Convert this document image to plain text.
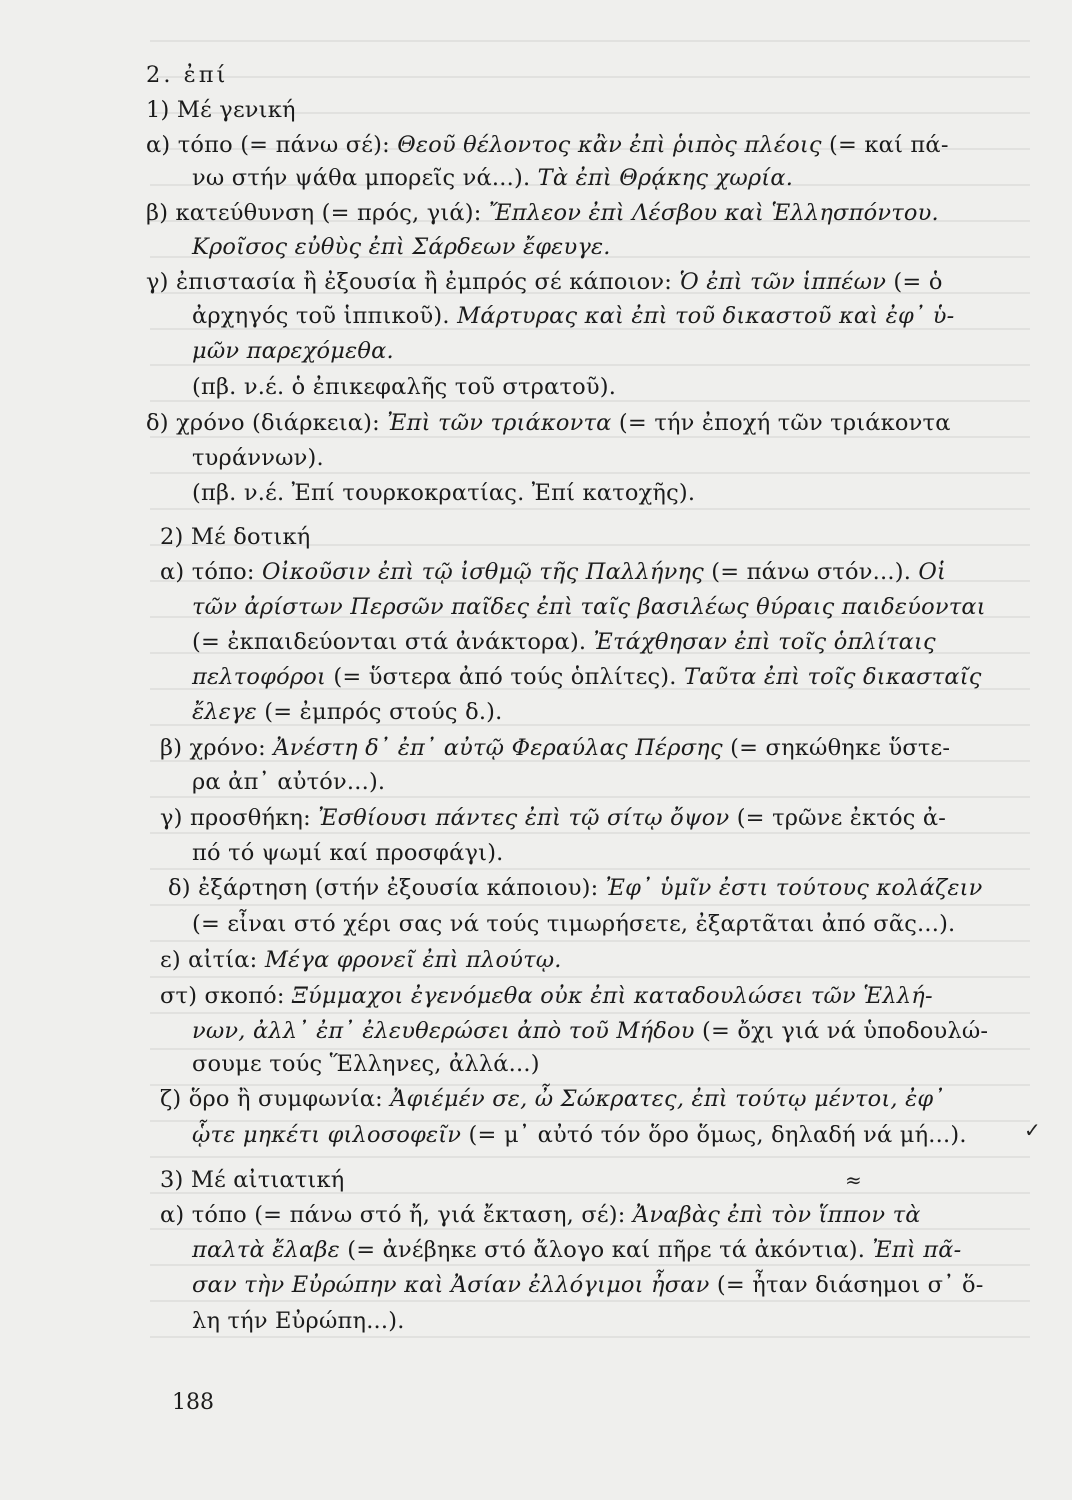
2. ἐπί
1) Μέ γενική
α) τόπο (= πάνω σέ): Θεοῦ θέλοντος κἂν ἐπὶ ῥιπὸς πλέοις (= καί πά-
νω στήν ψάθα μπορεῖς νά...). Τὰ ἐπὶ Θρᾴκης χωρία.
β) κατεύθυνση (= πρός, γιά): Ἔπλεον ἐπὶ Λέσβου καὶ Ἑλλησπόντου.
Κροῖσος εὐθὺς ἐπὶ Σάρδεων ἔφευγε.
γ) ἐπιστασία ἢ ἐξουσία ἢ ἐμπρός σέ κάποιον: Ὁ ἐπὶ τῶν ἱππέων (= ὁ
ἀρχηγός τοῦ ἱππικοῦ). Μάρτυρας καὶ ἐπὶ τοῦ δικαστοῦ καὶ ἐφ᾽ ὑ-
μῶν παρεχόμεθα.
(πβ. ν.έ. ὁ ἐπικεφαλῆς τοῦ στρατοῦ).
δ) χρόνο (διάρκεια): Ἐπὶ τῶν τριάκοντα (= τήν ἐποχή τῶν τριάκοντα
τυράννων).
(πβ. ν.έ. Ἐπί τουρκοκρατίας. Ἐπί κατοχῆς).
2) Μέ δοτική
α) τόπο: Οἰκοῦσιν ἐπὶ τῷ ἰσθμῷ τῆς Παλλήνης (= πάνω στόν...). Οἱ
τῶν ἀρίστων Περσῶν παῖδες ἐπὶ ταῖς βασιλέως θύραις παιδεύονται
(= ἐκπαιδεύονται στά ἀνάκτορα). Ἐτάχθησαν ἐπὶ τοῖς ὁπλίταις
πελτοφόροι (= ὕστερα ἀπό τούς ὁπλίτες). Ταῦτα ἐπὶ τοῖς δικασταῖς
ἔλεγε (= ἐμπρός στούς δ.).
β) χρόνο: Ἀνέστη δ᾽ ἐπ᾽ αὐτῷ Φεραύλας Πέρσης (= σηκώθηκε ὕστε-
ρα ἀπ᾽ αὐτόν...).
γ) προσθήκη: Ἐσθίουσι πάντες ἐπὶ τῷ σίτῳ ὄψον (= τρῶνε ἐκτός ἀ-
πό τό ψωμί καί προσφάγι).
δ) ἐξάρτηση (στήν ἐξουσία κάποιου): Ἐφ᾽ ὑμῖν ἐστι τούτους κολάζειν
(= εἶναι στό χέρι σας νά τούς τιμωρήσετε, ἐξαρτᾶται ἀπό σᾶς...).
ε) αἰτία: Μέγα φρονεῖ ἐπὶ πλούτῳ.
στ) σκοπό: Ξύμμαχοι ἐγενόμεθα οὐκ ἐπὶ καταδουλώσει τῶν Ἑλλή-
νων, ἀλλ᾽ ἐπ᾽ ἐλευθερώσει ἀπὸ τοῦ Μήδου (= ὄχι γιά νά ὑποδουλώ-
σουμε τούς Ἕλληνες, ἀλλά...)
ζ) ὅρο ἢ συμφωνία: Ἀφιέμέν σε, ὦ Σώκρατες, ἐπὶ τούτῳ μέντοι, ἐφ᾽
ᾧτε μηκέτι φιλοσοφεῖν (= μ᾽ αὐτό τόν ὅρο ὅμως, δηλαδή νά μή...).
3) Μέ αἰτιατική
α) τόπο (= πάνω στό ἤ, γιά ἔκταση, σέ): Ἀναβὰς ἐπὶ τὸν ἵππον τὰ
παλτὰ ἔλαβε (= ἀνέβηκε στό ἄλογο καί πῆρε τά ἀκόντια). Ἐπὶ πᾶ-
σαν τὴν Εὐρώπην καὶ Ἀσίαν ἐλλόγιμοι ἦσαν (= ἦταν διάσημοι σ᾽ ὅ-
λη τήν Εὐρώπη...).
✓
≈
188
